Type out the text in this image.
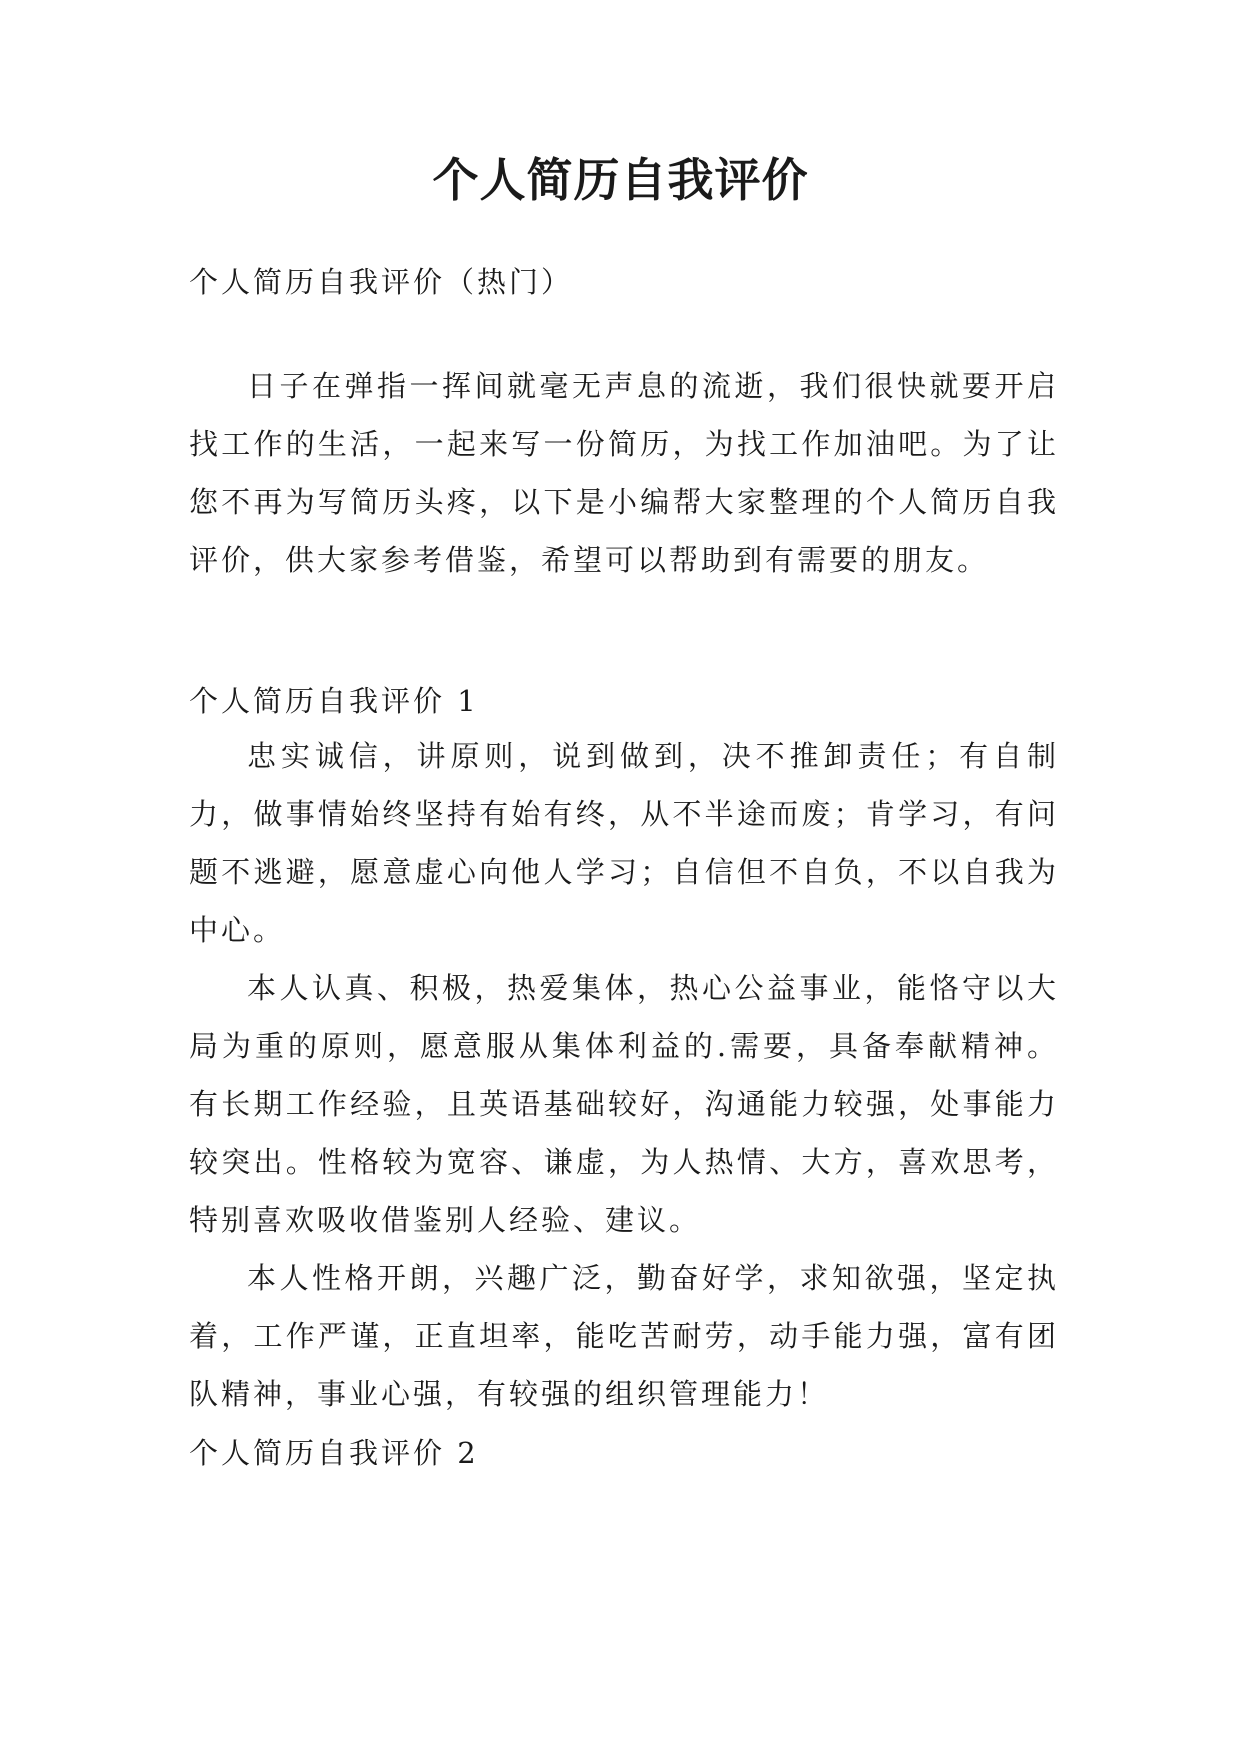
个人简历自我评价

个人简历自我评价（热门）

日子在弹指一挥间就毫无声息的流逝，我们很快就要开启找工作的生活，一起来写一份简历，为找工作加油吧。为了让您不再为写简历头疼，以下是小编帮大家整理的个人简历自我评价，供大家参考借鉴，希望可以帮助到有需要的朋友。

个人简历自我评价 1

忠实诚信，讲原则，说到做到，决不推卸责任；有自制力，做事情始终坚持有始有终，从不半途而废；肯学习，有问题不逃避，愿意虚心向他人学习；自信但不自负，不以自我为中心。

本人认真、积极，热爱集体，热心公益事业，能恪守以大局为重的原则，愿意服从集体利益的.需要，具备奉献精神。有长期工作经验，且英语基础较好，沟通能力较强，处事能力较突出。性格较为宽容、谦虚，为人热情、大方，喜欢思考，特别喜欢吸收借鉴别人经验、建议。

本人性格开朗，兴趣广泛，勤奋好学，求知欲强，坚定执着，工作严谨，正直坦率，能吃苦耐劳，动手能力强，富有团队精神，事业心强，有较强的组织管理能力！

个人简历自我评价 2
